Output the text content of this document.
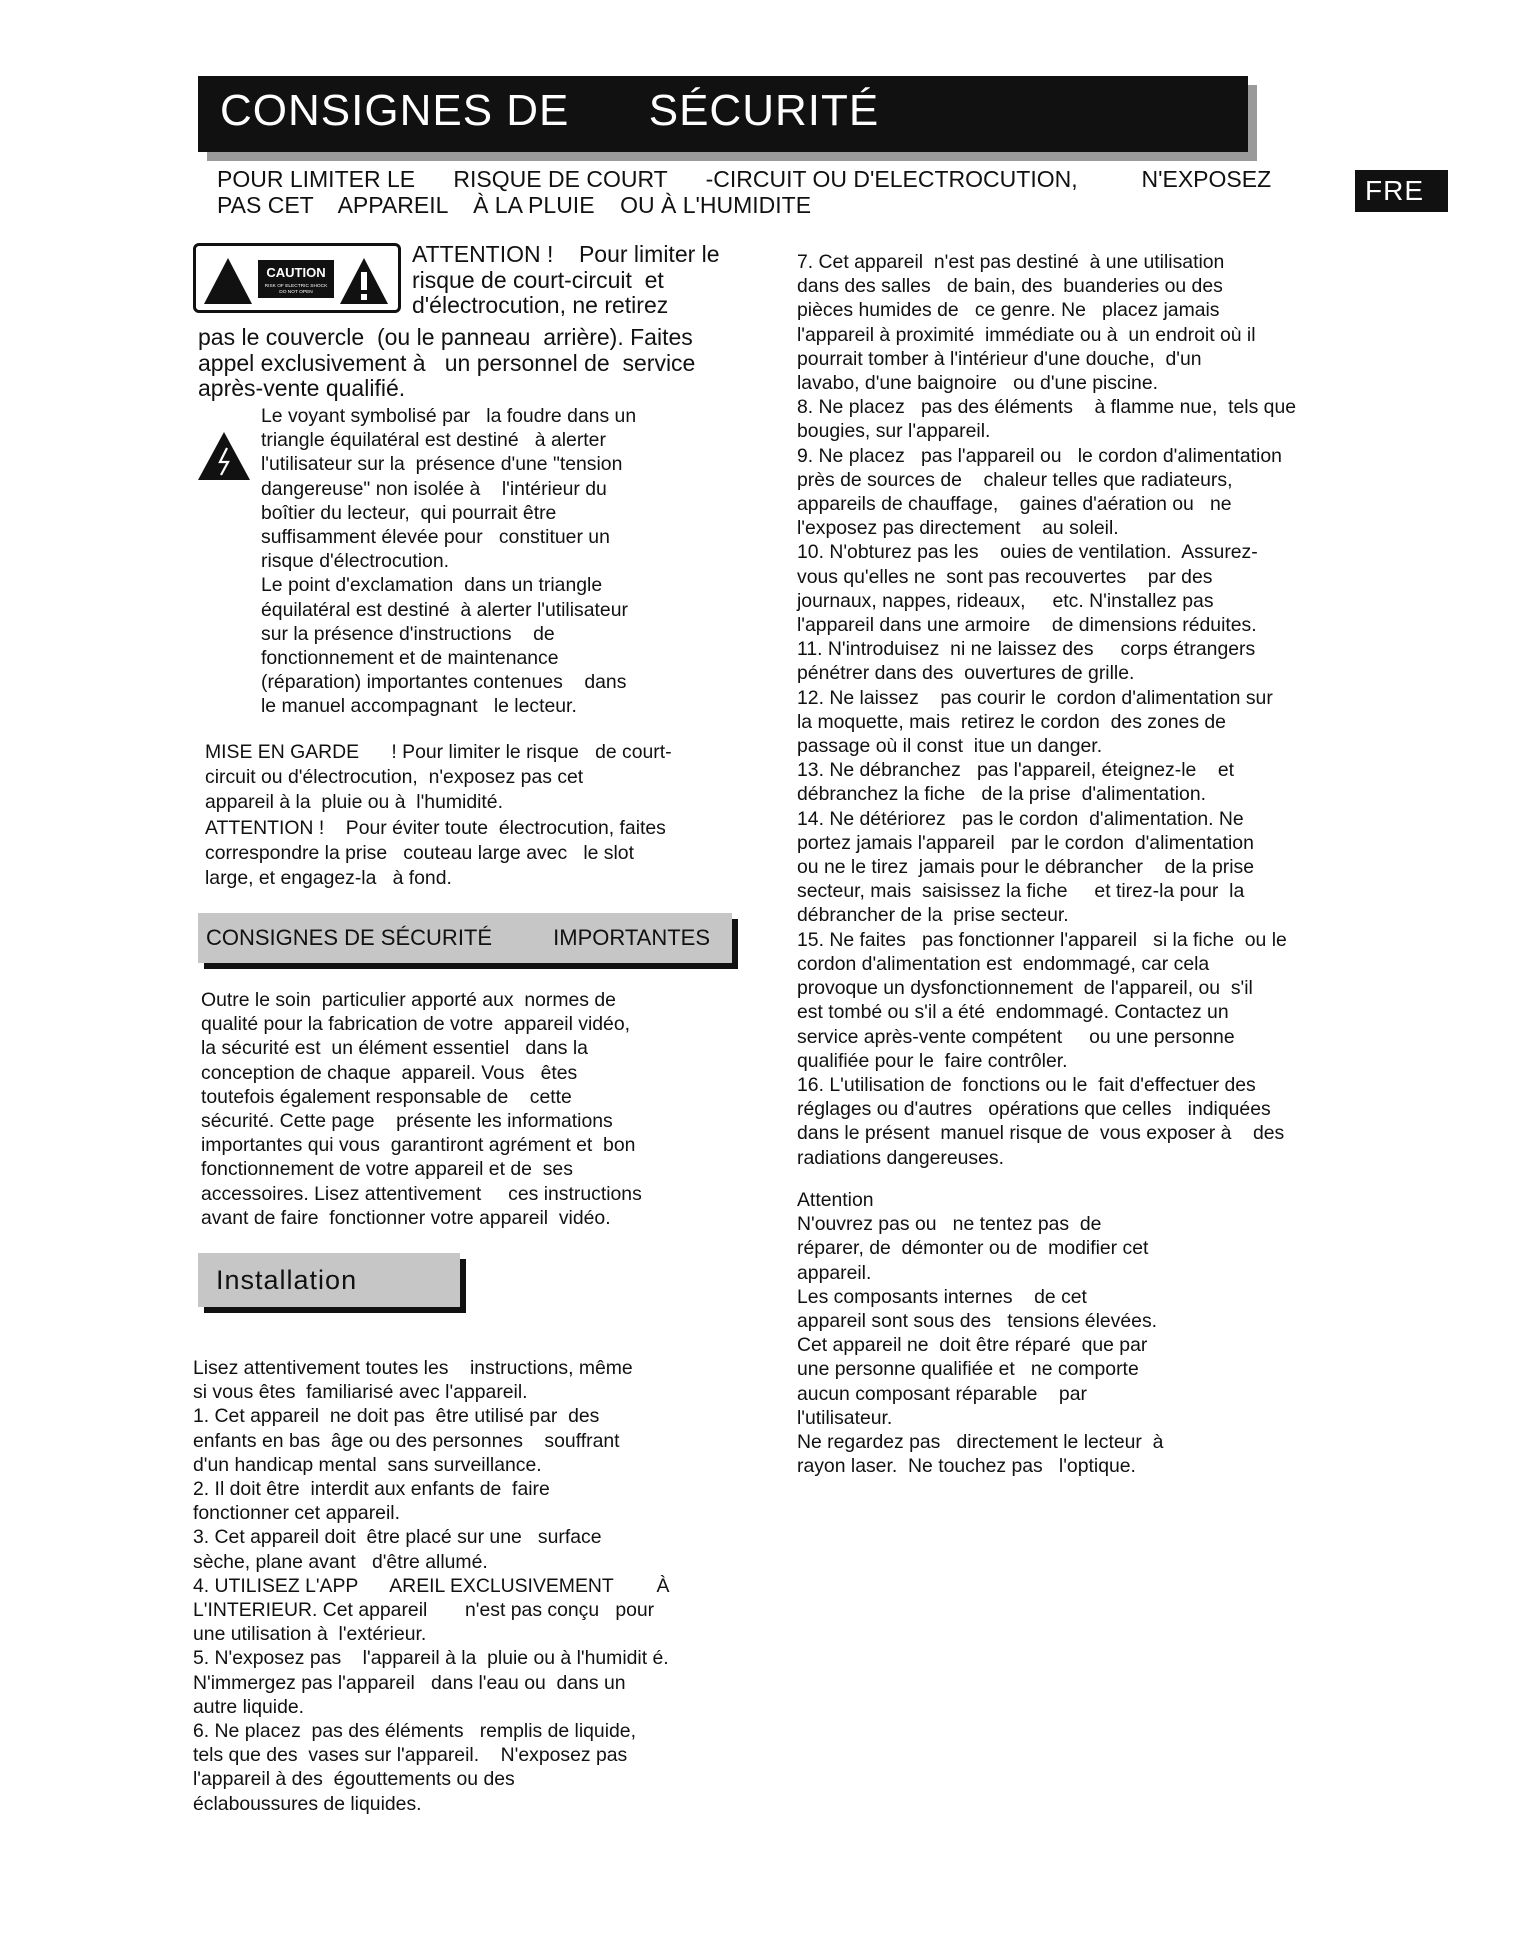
CONSIGNES DE      SÉCURITÉ
FRE
POUR LIMITER LE      RISQUE DE COURT      -CIRCUIT OU D'ELECTROCUTION,          N'EXPOSEZ
PAS CET    APPAREIL    À LA PLUIE    OU À L'HUMIDITE
CAUTION
RISK OF ELECTRIC SHOCK
DO NOT OPEN
ATTENTION !    Pour limiter le
risque de court-circuit  et
d'électrocution, ne retirez
pas le couvercle  (ou le panneau  arrière). Faites
appel exclusivement à   un personnel de  service
après-vente qualifié.
Le voyant symbolisé par   la foudre dans un
triangle équilatéral est destiné   à alerter
l'utilisateur sur la  présence d'une "tension
dangereuse" non isolée à    l'intérieur du
boîtier du lecteur,  qui pourrait être
suffisamment élevée pour   constituer un
risque d'électrocution.
Le point d'exclamation  dans un triangle
équilatéral est destiné  à alerter l'utilisateur
sur la présence d'instructions    de
fonctionnement et de maintenance
(réparation) importantes contenues    dans
le manuel accompagnant   le lecteur.
MISE EN GARDE      ! Pour limiter le risque   de court-
circuit ou d'électrocution,  n'exposez pas cet
appareil à la  pluie ou à  l'humidité.
ATTENTION !    Pour éviter toute  électrocution, faites
correspondre la prise   couteau large avec   le slot
large, et engagez-la   à fond.
CONSIGNES DE SÉCURITÉ          IMPORTANTES
Outre le soin  particulier apporté aux  normes de
qualité pour la fabrication de votre  appareil vidéo,
la sécurité est  un élément essentiel   dans la
conception de chaque  appareil. Vous   êtes
toutefois également responsable de    cette
sécurité. Cette page    présente les informations
importantes qui vous  garantiront agrément et  bon
fonctionnement de votre appareil et de  ses
accessoires. Lisez attentivement     ces instructions
avant de faire  fonctionner votre appareil  vidéo.
Installation
Lisez attentivement toutes les    instructions, même
si vous êtes  familiarisé avec l'appareil.
1. Cet appareil  ne doit pas  être utilisé par  des
enfants en bas  âge ou des personnes    souffrant
d'un handicap mental  sans surveillance.
2. Il doit être  interdit aux enfants de  faire
fonctionner cet appareil.
3. Cet appareil doit  être placé sur une   surface
sèche, plane avant   d'être allumé.
4. UTILISEZ L'APP      AREIL EXCLUSIVEMENT        À
L'INTERIEUR. Cet appareil       n'est pas conçu   pour
une utilisation à  l'extérieur.
5. N'exposez pas    l'appareil à la  pluie ou à l'humidit é.
N'immergez pas l'appareil   dans l'eau ou  dans un
autre liquide.
6. Ne placez  pas des éléments   remplis de liquide,
tels que des  vases sur l'appareil.    N'exposez pas
l'appareil à des  égouttements ou des
éclaboussures de liquides.
7. Cet appareil  n'est pas destiné  à une utilisation
dans des salles   de bain, des  buanderies ou des
pièces humides de   ce genre. Ne   placez jamais
l'appareil à proximité  immédiate ou à  un endroit où il
pourrait tomber à l'intérieur d'une douche,  d'un
lavabo, d'une baignoire   ou d'une piscine.
8. Ne placez   pas des éléments    à flamme nue,  tels que
bougies, sur l'appareil.
9. Ne placez   pas l'appareil ou   le cordon d'alimentation
près de sources de    chaleur telles que radiateurs,
appareils de chauffage,    gaines d'aération ou   ne
l'exposez pas directement    au soleil.
10. N'obturez pas les    ouies de ventilation.  Assurez-
vous qu'elles ne  sont pas recouvertes    par des
journaux, nappes, rideaux,     etc. N'installez pas
l'appareil dans une armoire    de dimensions réduites.
11. N'introduisez  ni ne laissez des     corps étrangers
pénétrer dans des  ouvertures de grille.
12. Ne laissez    pas courir le  cordon d'alimentation sur
la moquette, mais  retirez le cordon  des zones de
passage où il const  itue un danger.
13. Ne débranchez   pas l'appareil, éteignez-le    et
débranchez la fiche   de la prise  d'alimentation.
14. Ne détériorez   pas le cordon  d'alimentation. Ne
portez jamais l'appareil   par le cordon  d'alimentation
ou ne le tirez  jamais pour le débrancher    de la prise
secteur, mais  saisissez la fiche     et tirez-la pour  la
débrancher de la  prise secteur.
15. Ne faites   pas fonctionner l'appareil   si la fiche  ou le
cordon d'alimentation est  endommagé, car cela
provoque un dysfonctionnement  de l'appareil, ou  s'il
est tombé ou s'il a été  endommagé. Contactez un
service après-vente compétent     ou une personne
qualifiée pour le  faire contrôler.
16. L'utilisation de  fonctions ou le  fait d'effectuer des
réglages ou d'autres   opérations que celles   indiquées
dans le présent  manuel risque de  vous exposer à    des
radiations dangereuses.
Attention
N'ouvrez pas ou   ne tentez pas  de
réparer, de  démonter ou de  modifier cet
appareil.
Les composants internes    de cet
appareil sont sous des   tensions élevées.
Cet appareil ne  doit être réparé  que par
une personne qualifiée et   ne comporte
aucun composant réparable    par
l'utilisateur.
Ne regardez pas   directement le lecteur  à
rayon laser.  Ne touchez pas   l'optique.
